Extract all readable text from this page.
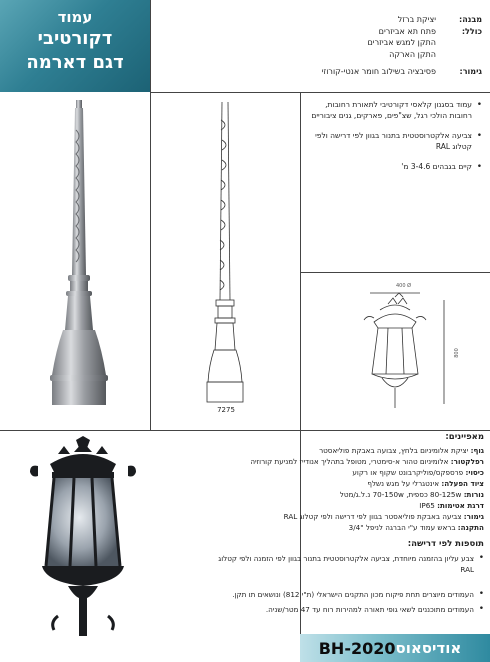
עמוד
דקורטיבי
דגם דארמה
מבנה:
יציקת ברזל
כולל:
פתח תא אביזרים
התקן למגש אביזרים
התקן הארקה
גימור:
פסיבציה בשילוב חומר אנטי-קורוזי
• עמוד בסגנון קלאסי דקורטיבי לתאורת רחובות, רחובות הולכי רגל, שצ"פים, פארקים, גנים ציבוריים
• צביעה אלקטרוסטטית בתנור בגוון לפי דרישה ולפי קטלוג RAL
• קיים בגבהים 3-4.6 מ'
7275
400 Ø
800
מאפיינים:
גוף: יציקת אלומיניום בלחץ, צבועה באבקת פוליאסטר
רפלקטור: אלומיניום טהור א-סימטרי, מטופל בתהליך אנודייז למניעת קורוזיה
כיסוי: פרספקס/פוליקרבונט שקוף או רקוע
ציוד הפעלה: אינטגרלי על מגש נשלף
נורות: 80-125w כספית, 70-150w נ.ל.ג/מטל
דרגת אטימות: IP65
גימור: צביעה באבקת פוליאסטר בגוון לפי דרישה ולפי קטלוג RAL
התקנה: בראש עמוד ע"י הברגה לניפל "3/4
תוספות לפי דרישה:
• צבע עליון בהזמנה מיוחדת, צביעה אלקטרוסטטית בתנור בגוון לפי הזמנה ולפי קטלוג RAL
• העמודים מיוצרים תחת פיקוח מכון התקנים הישראלי (ת"י 812) ונושאים תו תקן.
• העמודים מתוכננים לשאי גופי תאורה למהירות רוח עד 47 מטר/שניה.
BH-2020 אודיסאוס
